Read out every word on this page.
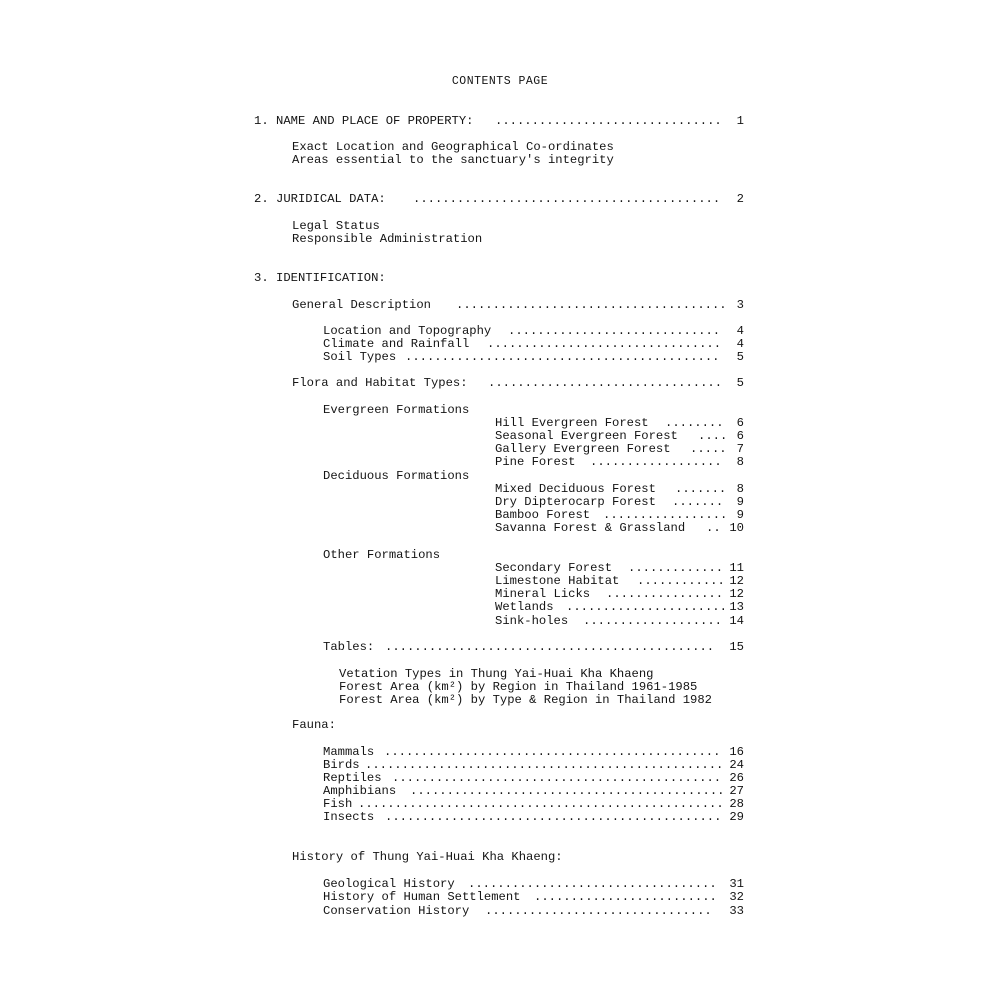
CONTENTS PAGE
1. NAME AND PLACE OF PROPERTY: ...............................	1
Exact Location and Geographical Co-ordinates
Areas essential to the sanctuary's integrity
2. JURIDICAL DATA: ..........................................	2
Legal Status
Responsible Administration
3. IDENTIFICATION:
General Description ..................................... 3
Location and Topography .............................	4
Climate and Rainfall ................................	4
Soil Types ...........................................	5
Flora and Habitat Types: ................................	5
Evergreen Formations
Hill Evergreen Forest ........	6
Seasonal Evergreen Forest .... 6
Gallery Evergreen Forest ..... 7
Pine Forest ..................	8
Deciduous Formations
Mixed Deciduous Forest ....... 8
Dry Dipterocarp Forest .......	9
Bamboo Forest ................. 9
Savanna Forest & Grassland .. 10
Other Formations
Secondary Forest ............. 11
Limestone Habitat ............ 12
Mineral Licks ................ 12
Wetlands ...................... 13
Sink-holes ................... 14
Tables: .............................................	15
Vetation Types in Thung Yai-Huai Kha Khaeng
Forest Area (km²) by Region in Thailand 1961-1985
Forest Area (km²) by Type & Region in Thailand 1982
Fauna:
Mammals .............................................. 16
Birds ................................................. 24
Reptiles ............................................. 26
Amphibians ........................................... 27
Fish .................................................. 28
Insects .............................................. 29
History of Thung Yai-Huai Kha Khaeng:
Geological History ..................................	31
History of Human Settlement .........................	32
Conservation History ...............................	33
